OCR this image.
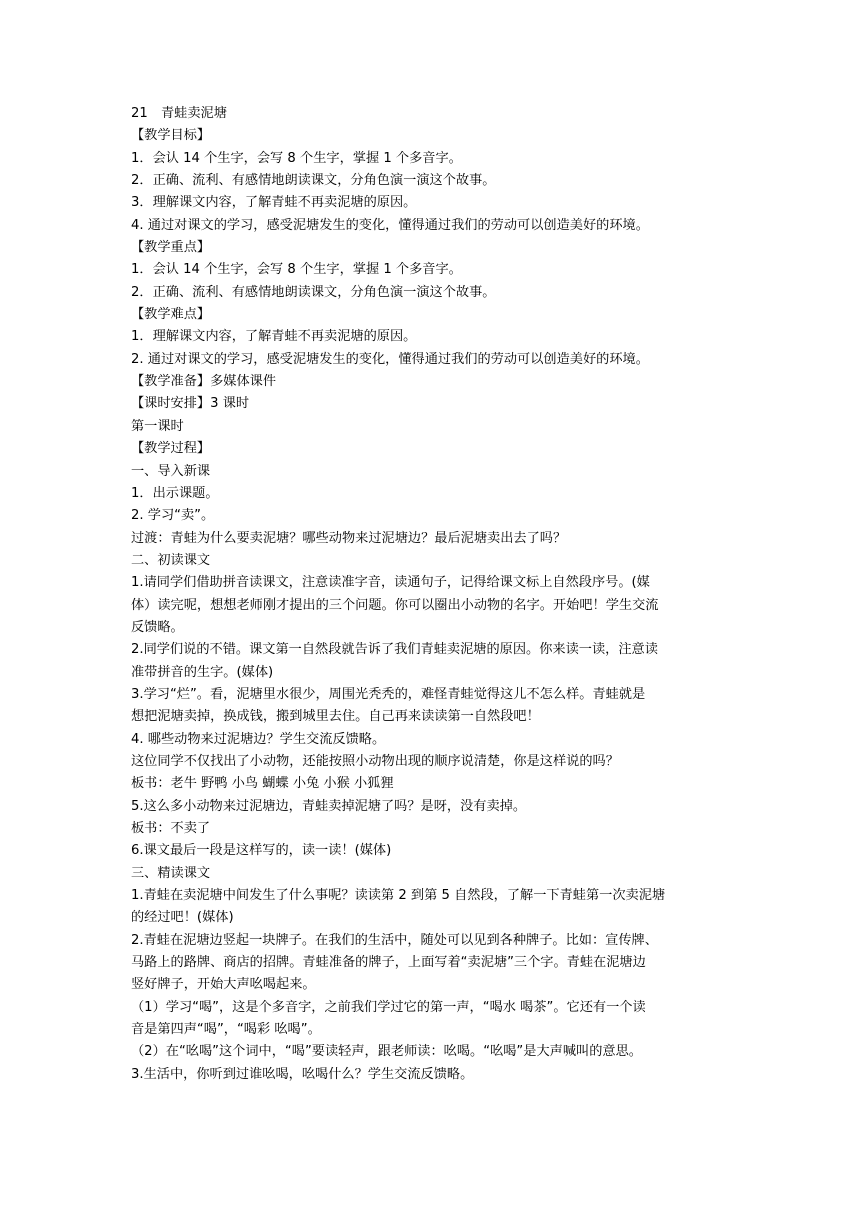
21　青蛙卖泥塘
【教学目标】
1．会认 14 个生字，会写 8 个生字，掌握 1 个多音字。
2．正确、流利、有感情地朗读课文，分角色演一演这个故事。
3．理解课文内容，了解青蛙不再卖泥塘的原因。
4. 通过对课文的学习，感受泥塘发生的变化，懂得通过我们的劳动可以创造美好的环境。
【教学重点】
1．会认 14 个生字，会写 8 个生字，掌握 1 个多音字。
2．正确、流利、有感情地朗读课文，分角色演一演这个故事。
【教学难点】
1．理解课文内容，了解青蛙不再卖泥塘的原因。
2. 通过对课文的学习，感受泥塘发生的变化，懂得通过我们的劳动可以创造美好的环境。
【教学准备】多媒体课件
【课时安排】3 课时
第一课时
【教学过程】
一、导入新课
1．出示课题。
2. 学习“卖”。
过渡：青蛙为什么要卖泥塘？哪些动物来过泥塘边？最后泥塘卖出去了吗？
二、初读课文
1.请同学们借助拼音读课文，注意读准字音，读通句子，记得给课文标上自然段序号。(媒
体）读完呢，想想老师刚才提出的三个问题。你可以圈出小动物的名字。开始吧！学生交流
反馈略。
2.同学们说的不错。课文第一自然段就告诉了我们青蛙卖泥塘的原因。你来读一读，注意读
准带拼音的生字。(媒体)
3.学习“烂”。看，泥塘里水很少，周围光秃秃的，难怪青蛙觉得这儿不怎么样。青蛙就是
想把泥塘卖掉，换成钱，搬到城里去住。自己再来读读第一自然段吧！
4. 哪些动物来过泥塘边？学生交流反馈略。
这位同学不仅找出了小动物，还能按照小动物出现的顺序说清楚，你是这样说的吗？
板书：老牛 野鸭 小鸟 蝴蝶 小兔 小猴 小狐狸
5.这么多小动物来过泥塘边，青蛙卖掉泥塘了吗？是呀，没有卖掉。
板书：不卖了
6.课文最后一段是这样写的，读一读！(媒体)
三、精读课文
1.青蛙在卖泥塘中间发生了什么事呢？读读第 2 到第 5 自然段，了解一下青蛙第一次卖泥塘
的经过吧！(媒体)
2.青蛙在泥塘边竖起一块牌子。在我们的生活中，随处可以见到各种牌子。比如：宣传牌、
马路上的路牌、商店的招牌。青蛙准备的牌子，上面写着“卖泥塘”三个字。青蛙在泥塘边
竖好牌子，开始大声吆喝起来。
（1）学习“喝”，这是个多音字，之前我们学过它的第一声，“喝水 喝茶”。它还有一个读
音是第四声“喝”，“喝彩 吆喝”。
（2）在“吆喝”这个词中，“喝”要读轻声，跟老师读：吆喝。“吆喝”是大声喊叫的意思。
3.生活中，你听到过谁吆喝，吆喝什么？学生交流反馈略。
